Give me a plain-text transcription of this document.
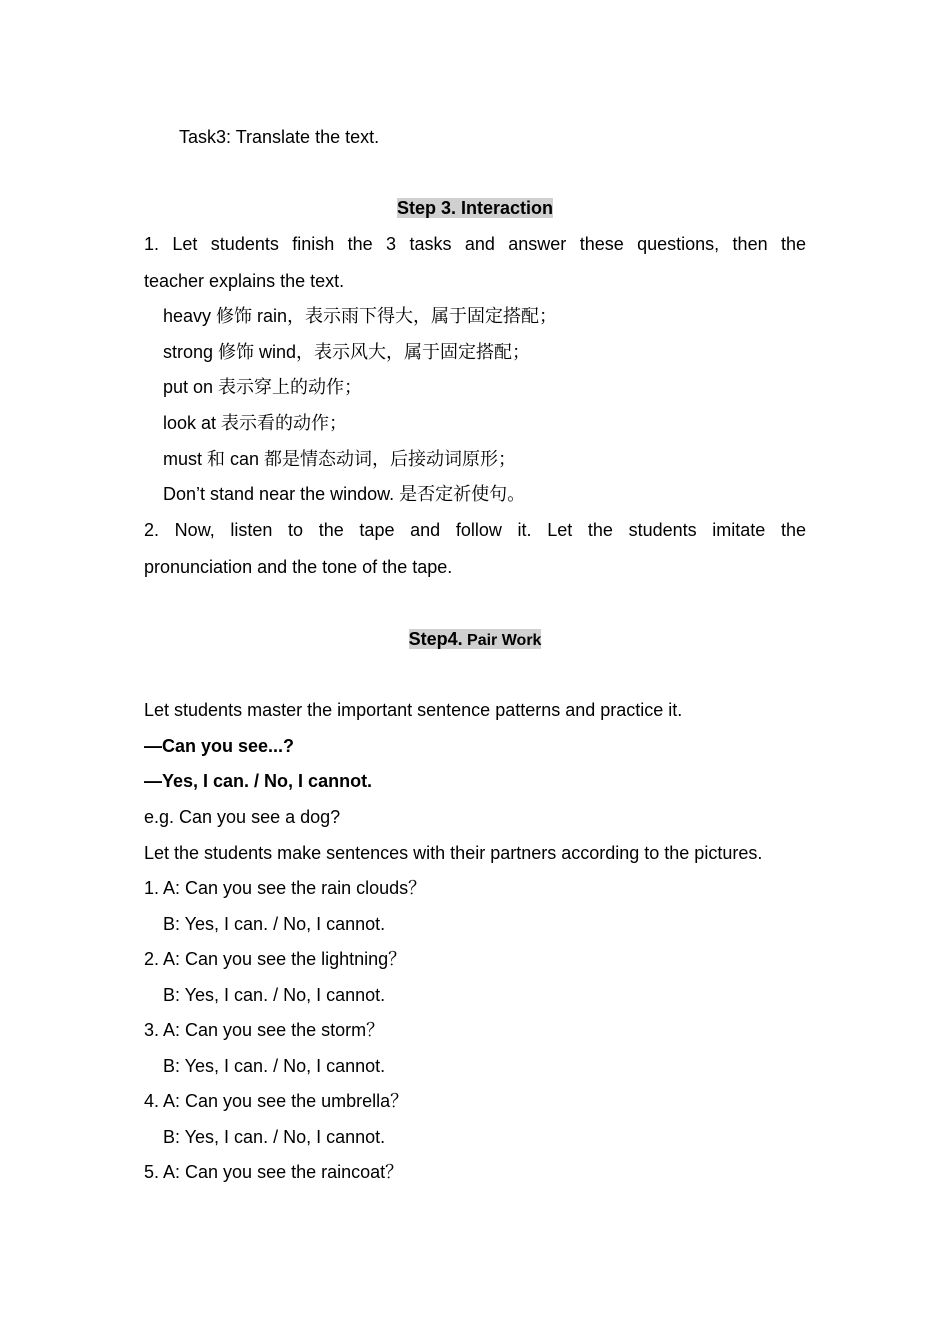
Task3: Translate the text.
Step 3. Interaction
1. Let students finish the 3 tasks and answer these questions, then the
teacher explains the text.
heavy 修饰 rain，表示雨下得大，属于固定搭配；
strong 修饰 wind，表示风大，属于固定搭配；
put on 表示穿上的动作；
look at 表示看的动作；
must 和 can 都是情态动词，后接动词原形；
Don’t stand near the window. 是否定祈使句。
2. Now, listen to the tape and follow it. Let the students imitate the
pronunciation and the tone of the tape.
Step4. Pair Work
Let students master the important sentence patterns and practice it.
—Can you see...?
—Yes, I can. / No, I cannot.
e.g. Can you see a dog?
Let the students make sentences with their partners according to the pictures.
1. A: Can you see the rain clouds？
B: Yes, I can. / No, I cannot.
2. A: Can you see the lightning？
B: Yes, I can. / No, I cannot.
3. A: Can you see the storm？
B: Yes, I can. / No, I cannot.
4. A: Can you see the umbrella？
B: Yes, I can. / No, I cannot.
5. A: Can you see the raincoat？
